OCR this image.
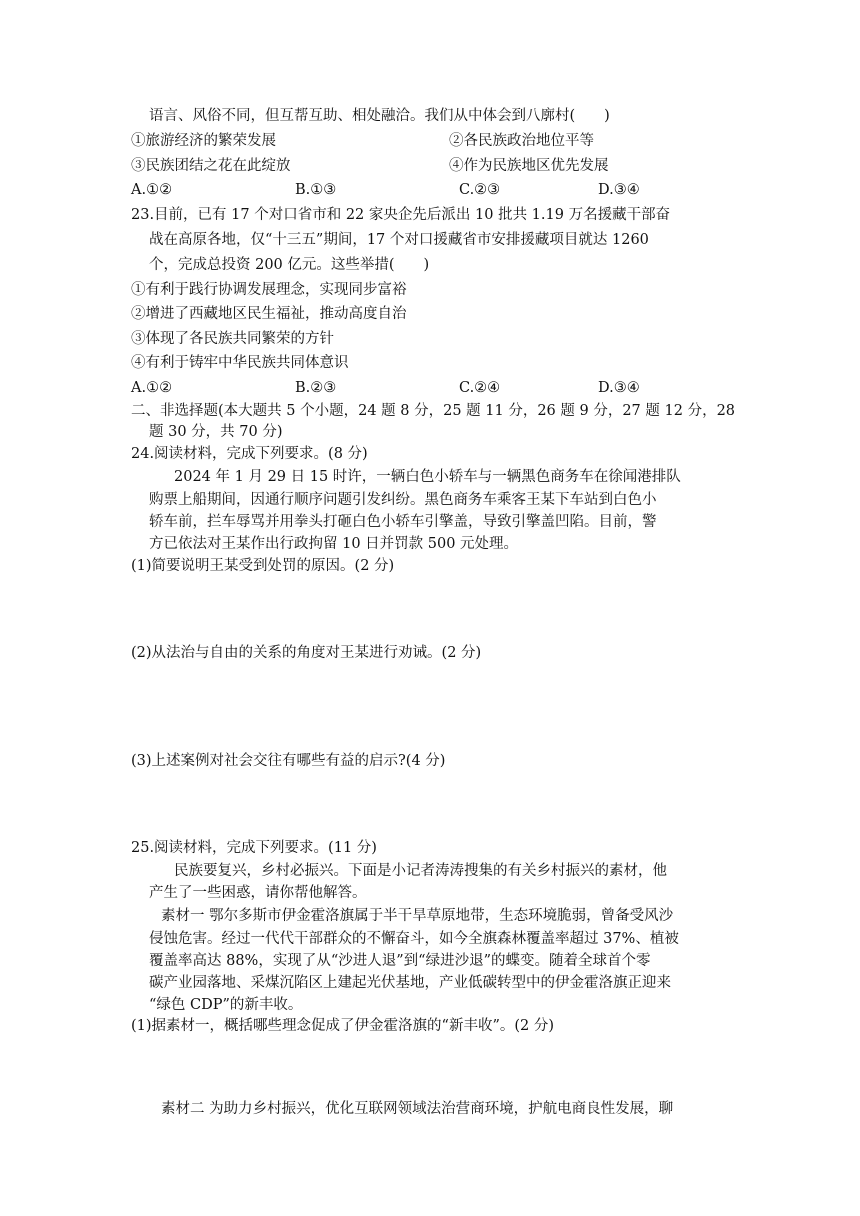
语言、风俗不同，但互帮互助、相处融洽。我们从中体会到八廓村(　　)
①旅游经济的繁荣发展	②各民族政治地位平等
③民族团结之花在此绽放	④作为民族地区优先发展
A.①②	B.①③	C.②③	D.③④
23.目前，已有 17 个对口省市和 22 家央企先后派出 10 批共 1.19 万名援藏干部奋
战在高原各地，仅“十三五”期间，17 个对口援藏省市安排援藏项目就达 1260
个，完成总投资 200 亿元。这些举措(　　)
①有利于践行协调发展理念，实现同步富裕
②增进了西藏地区民生福祉，推动高度自治
③体现了各民族共同繁荣的方针
④有利于铸牢中华民族共同体意识
A.①②	B.②③	C.②④	D.③④
二、非选择题(本大题共 5 个小题，24 题 8 分，25 题 11 分，26 题 9 分，27 题 12 分，28
题 30 分，共 70 分)
24.阅读材料，完成下列要求。(8 分)
2024 年 1 月 29 日 15 时许，一辆白色小轿车与一辆黑色商务车在徐闻港排队
购票上船期间，因通行顺序问题引发纠纷。黑色商务车乘客王某下车站到白色小
轿车前，拦车辱骂并用拳头打砸白色小轿车引擎盖，导致引擎盖凹陷。目前，警
方已依法对王某作出行政拘留 10 日并罚款 500 元处理。
(1)简要说明王某受到处罚的原因。(2 分)
(2)从法治与自由的关系的角度对王某进行劝诫。(2 分)
(3)上述案例对社会交往有哪些有益的启示?(4 分)
25.阅读材料，完成下列要求。(11 分)
民族要复兴，乡村必振兴。下面是小记者涛涛搜集的有关乡村振兴的素材，他
产生了一些困惑，请你帮他解答。
素材一 鄂尔多斯市伊金霍洛旗属于半干旱草原地带，生态环境脆弱，曾备受风沙
侵蚀危害。经过一代代干部群众的不懈奋斗，如今全旗森林覆盖率超过 37%、植被
覆盖率高达 88%，实现了从“沙进人退”到“绿进沙退”的蝶变。随着全球首个零
碳产业园落地、采煤沉陷区上建起光伏基地，产业低碳转型中的伊金霍洛旗正迎来
“绿色 CDP”的新丰收。
(1)据素材一，概括哪些理念促成了伊金霍洛旗的“新丰收”。(2 分)
素材二 为助力乡村振兴，优化互联网领域法治营商环境，护航电商良性发展，聊
